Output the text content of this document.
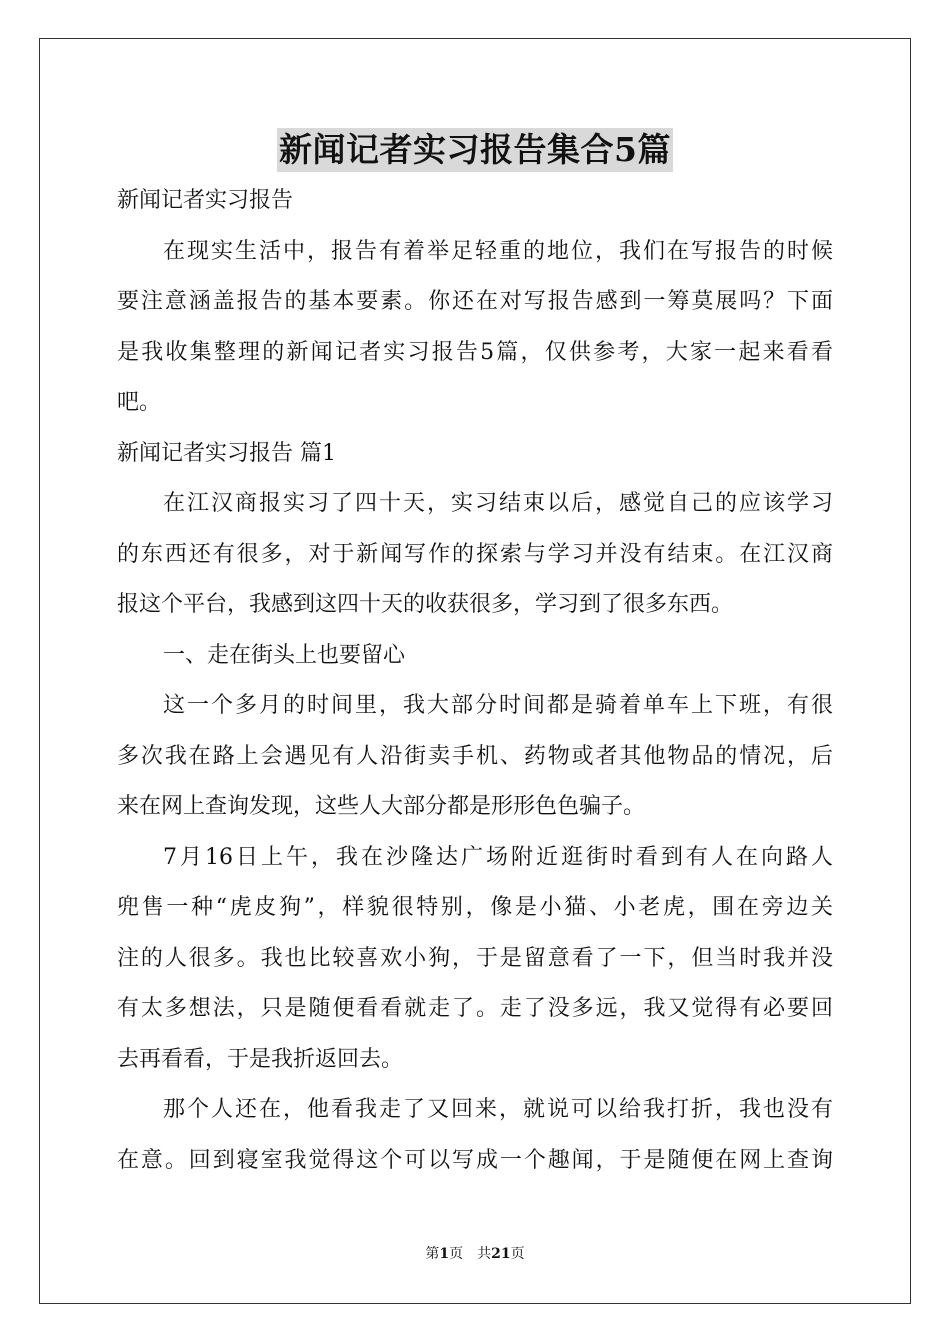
新闻记者实习报告集合5篇

新闻记者实习报告

在现实生活中，报告有着举足轻重的地位，我们在写报告的时候

要注意涵盖报告的基本要素。你还在对写报告感到一筹莫展吗？下面

是我收集整理的新闻记者实习报告5篇，仅供参考，大家一起来看看

吧。

新闻记者实习报告 篇1

在江汉商报实习了四十天，实习结束以后，感觉自己的应该学习

的东西还有很多，对于新闻写作的探索与学习并没有结束。在江汉商

报这个平台，我感到这四十天的收获很多，学习到了很多东西。

一、走在街头上也要留心

这一个多月的时间里，我大部分时间都是骑着单车上下班，有很

多次我在路上会遇见有人沿街卖手机、药物或者其他物品的情况，后

来在网上查询发现，这些人大部分都是形形色色骗子。

7月16日上午，我在沙隆达广场附近逛街时看到有人在向路人

兜售一种“虎皮狗”，样貌很特别，像是小猫、小老虎，围在旁边关

注的人很多。我也比较喜欢小狗，于是留意看了一下，但当时我并没

有太多想法，只是随便看看就走了。走了没多远，我又觉得有必要回

去再看看，于是我折返回去。

那个人还在，他看我走了又回来，就说可以给我打折，我也没有

在意。回到寝室我觉得这个可以写成一个趣闻，于是随便在网上查询

第1页 共21页
